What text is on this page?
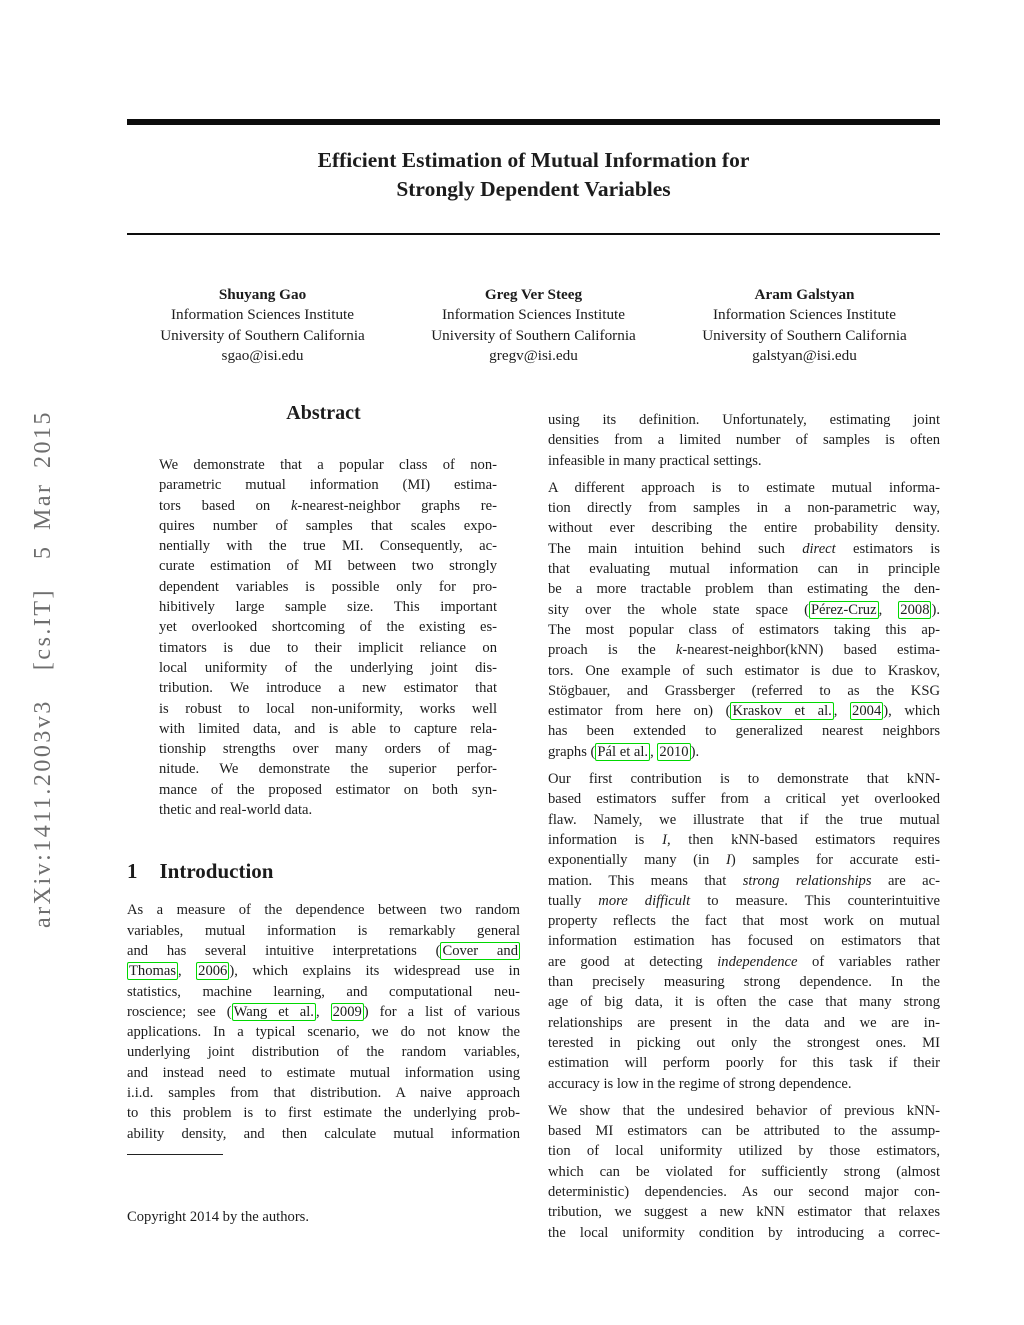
arXiv:1411.2003v3  [cs.IT]  5 Mar 2015
Efficient Estimation of Mutual Information for
Strongly Dependent Variables
Shuyang Gao
Information Sciences Institute
University of Southern California
sgao@isi.edu
Greg Ver Steeg
Information Sciences Institute
University of Southern California
gregv@isi.edu
Aram Galstyan
Information Sciences Institute
University of Southern California
galstyan@isi.edu
Abstract
We demonstrate that a popular class of non-
parametric mutual information (MI) estima-
tors based on k-nearest-neighbor graphs re-
quires number of samples that scales expo-
nentially with the true MI. Consequently, ac-
curate estimation of MI between two strongly
dependent variables is possible only for pro-
hibitively large sample size. This important
yet overlooked shortcoming of the existing es-
timators is due to their implicit reliance on
local uniformity of the underlying joint dis-
tribution. We introduce a new estimator that
is robust to local non-uniformity, works well
with limited data, and is able to capture rela-
tionship strengths over many orders of mag-
nitude. We demonstrate the superior perfor-
mance of the proposed estimator on both syn-
thetic and real-world data.
1 Introduction
As a measure of the dependence between two random
variables, mutual information is remarkably general
and has several intuitive interpretations ( Cover and
Thomas , 2006 ), which explains its widespread use in
statistics, machine learning, and computational neu-
roscience; see ( Wang et al. , 2009 ) for a list of various
applications. In a typical scenario, we do not know the
underlying joint distribution of the random variables,
and instead need to estimate mutual information using
i.i.d. samples from that distribution. A naive approach
to this problem is to first estimate the underlying prob-
ability density, and then calculate mutual information
Copyright 2014 by the authors.
using its definition. Unfortunately, estimating joint
densities from a limited number of samples is often
infeasible in many practical settings.
A different approach is to estimate mutual informa-
tion directly from samples in a non-parametric way,
without ever describing the entire probability density.
The main intuition behind such direct estimators is
that evaluating mutual information can in principle
be a more tractable problem than estimating the den-
sity over the whole state space ( Pérez-Cruz , 2008 ).
The most popular class of estimators taking this ap-
proach is the k-nearest-neighbor(kNN) based estima-
tors. One example of such estimator is due to Kraskov,
Stögbauer, and Grassberger (referred to as the KSG
estimator from here on) ( Kraskov et al. , 2004 ), which
has been extended to generalized nearest neighbors
graphs ( Pál et al. , 2010 ).
Our first contribution is to demonstrate that kNN-
based estimators suffer from a critical yet overlooked
flaw. Namely, we illustrate that if the true mutual
information is I, then kNN-based estimators requires
exponentially many (in I) samples for accurate esti-
mation. This means that strong relationships are ac-
tually more difficult to measure. This counterintuitive
property reflects the fact that most work on mutual
information estimation has focused on estimators that
are good at detecting independence of variables rather
than precisely measuring strong dependence. In the
age of big data, it is often the case that many strong
relationships are present in the data and we are in-
terested in picking out only the strongest ones. MI
estimation will perform poorly for this task if their
accuracy is low in the regime of strong dependence.
We show that the undesired behavior of previous kNN-
based MI estimators can be attributed to the assump-
tion of local uniformity utilized by those estimators,
which can be violated for sufficiently strong (almost
deterministic) dependencies. As our second major con-
tribution, we suggest a new kNN estimator that relaxes
the local uniformity condition by introducing a correc-
